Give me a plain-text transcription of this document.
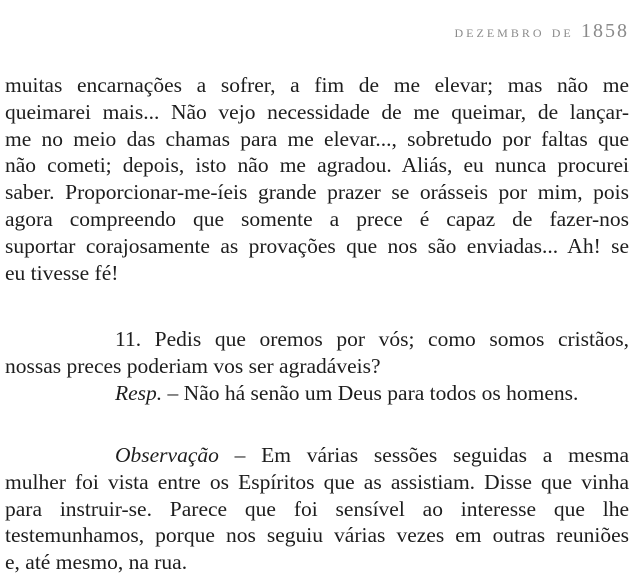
dezembro de 1858
muitas encarnações a sofrer, a fim de me elevar; mas não me
queimarei mais... Não vejo necessidade de me queimar, de lançar-
me no meio das chamas para me elevar..., sobretudo por faltas que
não cometi; depois, isto não me agradou. Aliás, eu nunca procurei
saber. Proporcionar-me-íeis grande prazer se orásseis por mim, pois
agora compreendo que somente a prece é capaz de fazer-nos
suportar corajosamente as provações que nos são enviadas... Ah! se
eu tivesse fé!
11. Pedis que oremos por vós; como somos cristãos,
nossas preces poderiam vos ser agradáveis?
Resp. – Não há senão um Deus para todos os homens.
Observação – Em várias sessões seguidas a mesma
mulher foi vista entre os Espíritos que as assistiam. Disse que vinha
para instruir-se. Parece que foi sensível ao interesse que lhe
testemunhamos, porque nos seguiu várias vezes em outras reuniões
e, até mesmo, na rua.
